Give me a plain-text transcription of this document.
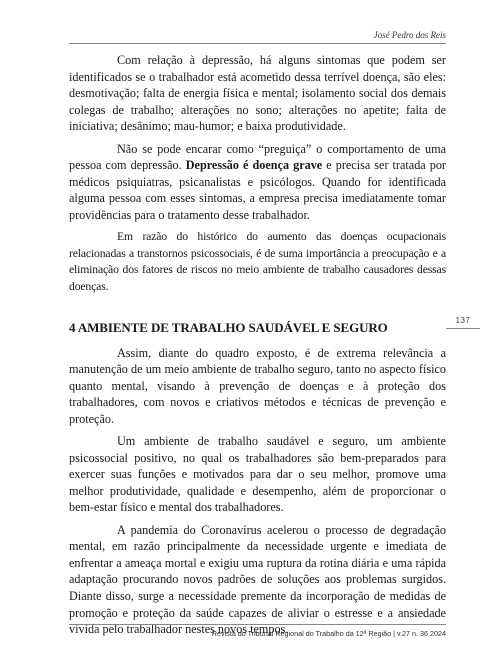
José Pedro dos Reis

Com relação à depressão, há alguns sintomas que podem ser identificados se o trabalhador está acometido dessa terrível doença, são eles: desmotivação; falta de energia física e mental; isolamento social dos demais colegas de trabalho; alterações no sono; alterações no apetite; falta de iniciativa; desânimo; mau-humor; e baixa produtividade.

Não se pode encarar como “preguiça” o comportamento de uma pessoa com depressão. Depressão é doença grave e precisa ser tratada por médicos psiquiatras, psicanalistas e psicólogos. Quando for identificada alguma pessoa com esses sintomas, a empresa precisa imediatamente tomar providências para o tratamento desse trabalhador.

Em razão do histórico do aumento das doenças ocupacionais relacionadas a transtornos psicossociais, é de suma importância a preocupação e a eliminação dos fatores de riscos no meio ambiente de trabalho causadores dessas doenças.

4 AMBIENTE DE TRABALHO SAUDÁVEL E SEGURO

Assim, diante do quadro exposto, é de extrema relevância a manutenção de um meio ambiente de trabalho seguro, tanto no aspecto físico quanto mental, visando à prevenção de doenças e à proteção dos trabalhadores, com novos e criativos métodos e técnicas de prevenção e proteção.

Um ambiente de trabalho saudável e seguro, um ambiente psicossocial positivo, no qual os trabalhadores são bem-preparados para exercer suas funções e motivados para dar o seu melhor, promove uma melhor produtividade, qualidade e desempenho, além de proporcionar o bem-estar físico e mental dos trabalhadores.

A pandemia do Coronavírus acelerou o processo de degradação mental, em razão principalmente da necessidade urgente e imediata de enfrentar a ameaça mortal e exigiu uma ruptura da rotina diária e uma rápida adaptação procurando novos padrões de soluções aos problemas surgidos. Diante disso, surge a necessidade premente da incorporação de medidas de promoção e proteção da saúde capazes de aliviar o estresse e a ansiedade vivida pelo trabalhador nestes novos tempos.

137
Revista do Tribunal Regional do Trabalho da 12ª Região | v.27 n. 36 2024
